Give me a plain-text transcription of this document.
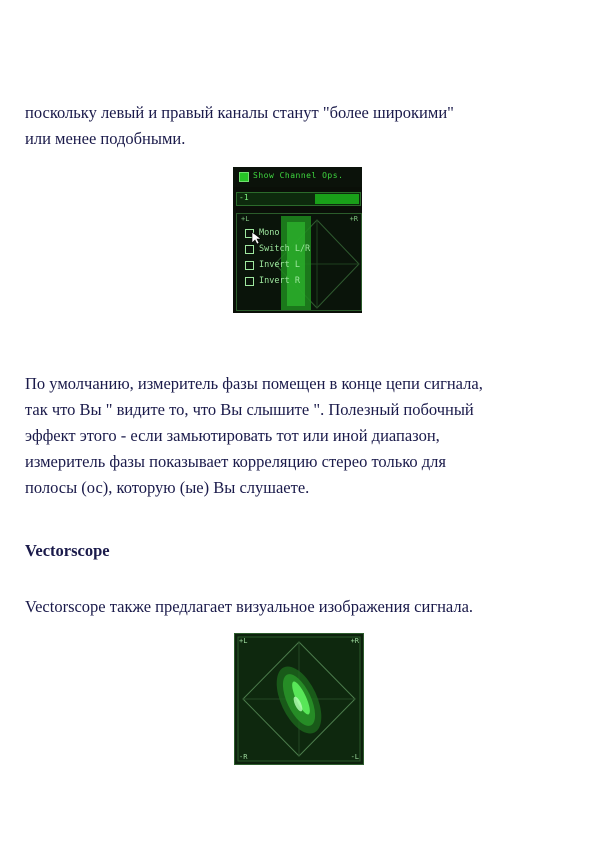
поскольку левый и правый каналы станут "более широкими"
или менее подобными.
Show Channel Ops.
-1
+L	+R
Mono
Switch L/R
Invert L
Invert R
По умолчанию, измеритель фазы помещен в конце цепи сигнала,
так что Вы " видите то, что Вы слышите ". Полезный побочный
эффект этого - если замьютировать тот или иной диапазон,
измеритель фазы показывает корреляцию стерео только для
полосы (ос), которую (ые) Вы слушаете.
Vectorscope
Vectorscope также предлагает визуальное изображения сигнала.
+L	+R
-R	-L
